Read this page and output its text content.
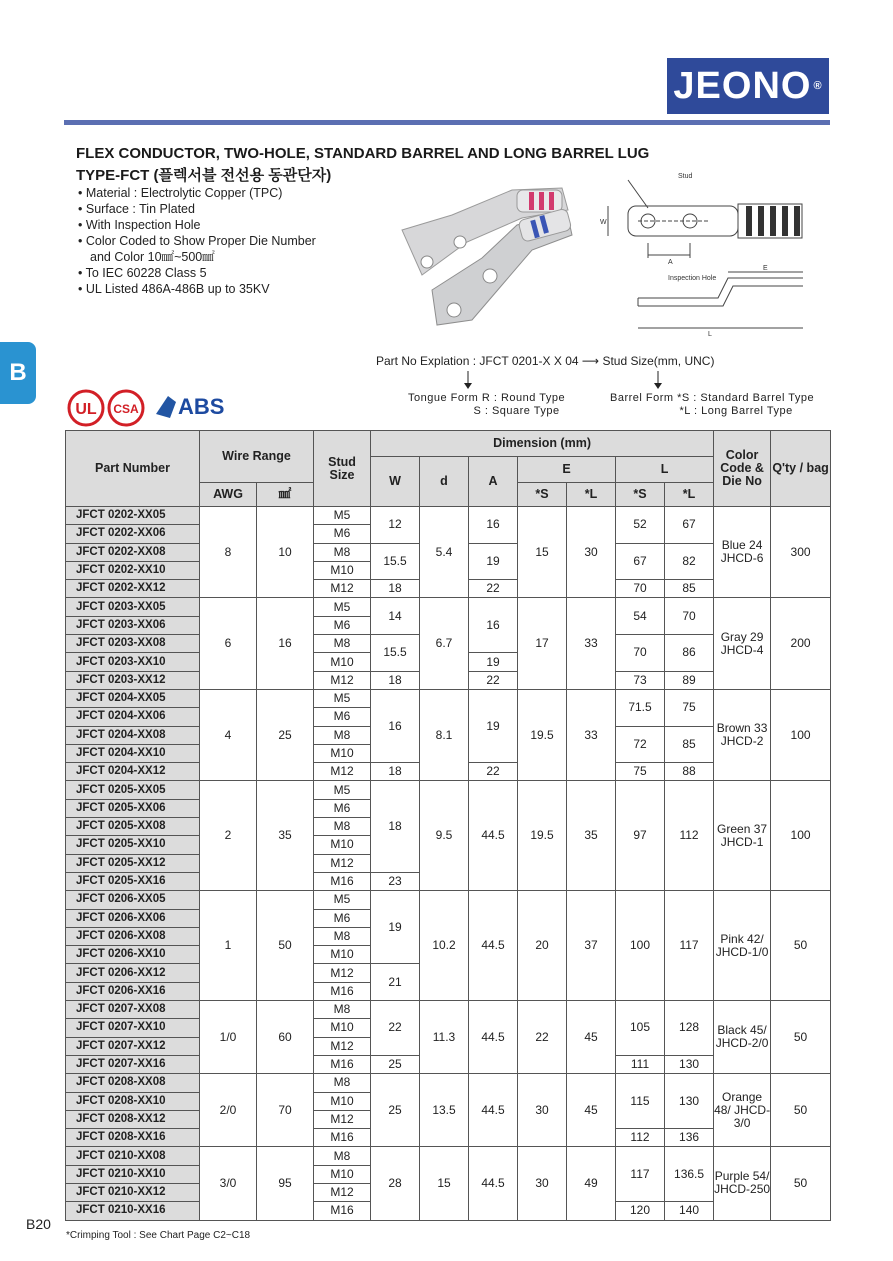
JEONO ®
FLEX CONDUCTOR, TWO-HOLE, STANDARD BARREL AND LONG BARREL LUG
TYPE-FCT (플렉서블 전선용 동관단자)
• Material : Electrolytic Copper (TPC)
• Surface : Tin Plated
• With Inspection Hole
• Color Coded to Show Proper Die Number
and Color 10㎟~500㎟
• To IEC 60228 Class 5
• UL Listed 486A-486B up to 35KV
B
Stud
Inspection Hole
W
A
E
L
UL CSA ABS
Part No Explation : JFCT 0201-X X 04 ⟶ Stud Size(mm, UNC)
Tongue Form R : Round Type
S : Square Type
Barrel Form *S : Standard Barrel Type
*L : Long Barrel Type
Part Number	Wire Range		Stud Size	Dimension (mm)							Color Code & Die No	Q'ty / bag
				W	d	A	E		L			
	AWG	㎟					*S	*L	*S	*L		
JFCT 0202-XX05	8	10	M5	12	5.4	16	15	30	52	67	Blue 24 JHCD-6	300
JFCT 0202-XX06			M6									
JFCT 0202-XX08			M8	15.5		19			67	82		
JFCT 0202-XX10			M10									
JFCT 0202-XX12			M12	18		22			70	85		
JFCT 0203-XX05	6	16	M5	14	6.7	16	17	33	54	70	Gray 29 JHCD-4	200
JFCT 0203-XX06			M6									
JFCT 0203-XX08			M8	15.5					70	86		
JFCT 0203-XX10			M10			19						
JFCT 0203-XX12			M12	18		22			73	89		
JFCT 0204-XX05	4	25	M5	16	8.1	19	19.5	33	71.5	75	Brown 33 JHCD-2	100
JFCT 0204-XX06			M6									
JFCT 0204-XX08			M8						72	85		
JFCT 0204-XX10			M10									
JFCT 0204-XX12			M12	18		22			75	88		
JFCT 0205-XX05	2	35	M5	18	9.5	44.5	19.5	35	97	112	Green 37 JHCD-1	100
JFCT 0205-XX06			M6									
JFCT 0205-XX08			M8									
JFCT 0205-XX10			M10									
JFCT 0205-XX12			M12									
JFCT 0205-XX16			M16	23								
JFCT 0206-XX05	1	50	M5	19	10.2	44.5	20	37	100	117	Pink 42/ JHCD-1/0	50
JFCT 0206-XX06			M6									
JFCT 0206-XX08			M8									
JFCT 0206-XX10			M10									
JFCT 0206-XX12			M12	21								
JFCT 0206-XX16			M16									
JFCT 0207-XX08	1/0	60	M8	22	11.3	44.5	22	45	105	128	Black 45/ JHCD-2/0	50
JFCT 0207-XX10			M10									
JFCT 0207-XX12			M12									
JFCT 0207-XX16			M16	25					111	130		
JFCT 0208-XX08	2/0	70	M8	25	13.5	44.5	30	45	115	130	Orange 48/ JHCD-3/0	50
JFCT 0208-XX10			M10									
JFCT 0208-XX12			M12									
JFCT 0208-XX16			M16						112	136		
JFCT 0210-XX08	3/0	95	M8	28	15	44.5	30	49	117	136.5	Purple 54/ JHCD-250	50
JFCT 0210-XX10			M10									
JFCT 0210-XX12			M12									
JFCT 0210-XX16			M16						120	140		
B20
*Crimping Tool : See Chart Page C2~C18
